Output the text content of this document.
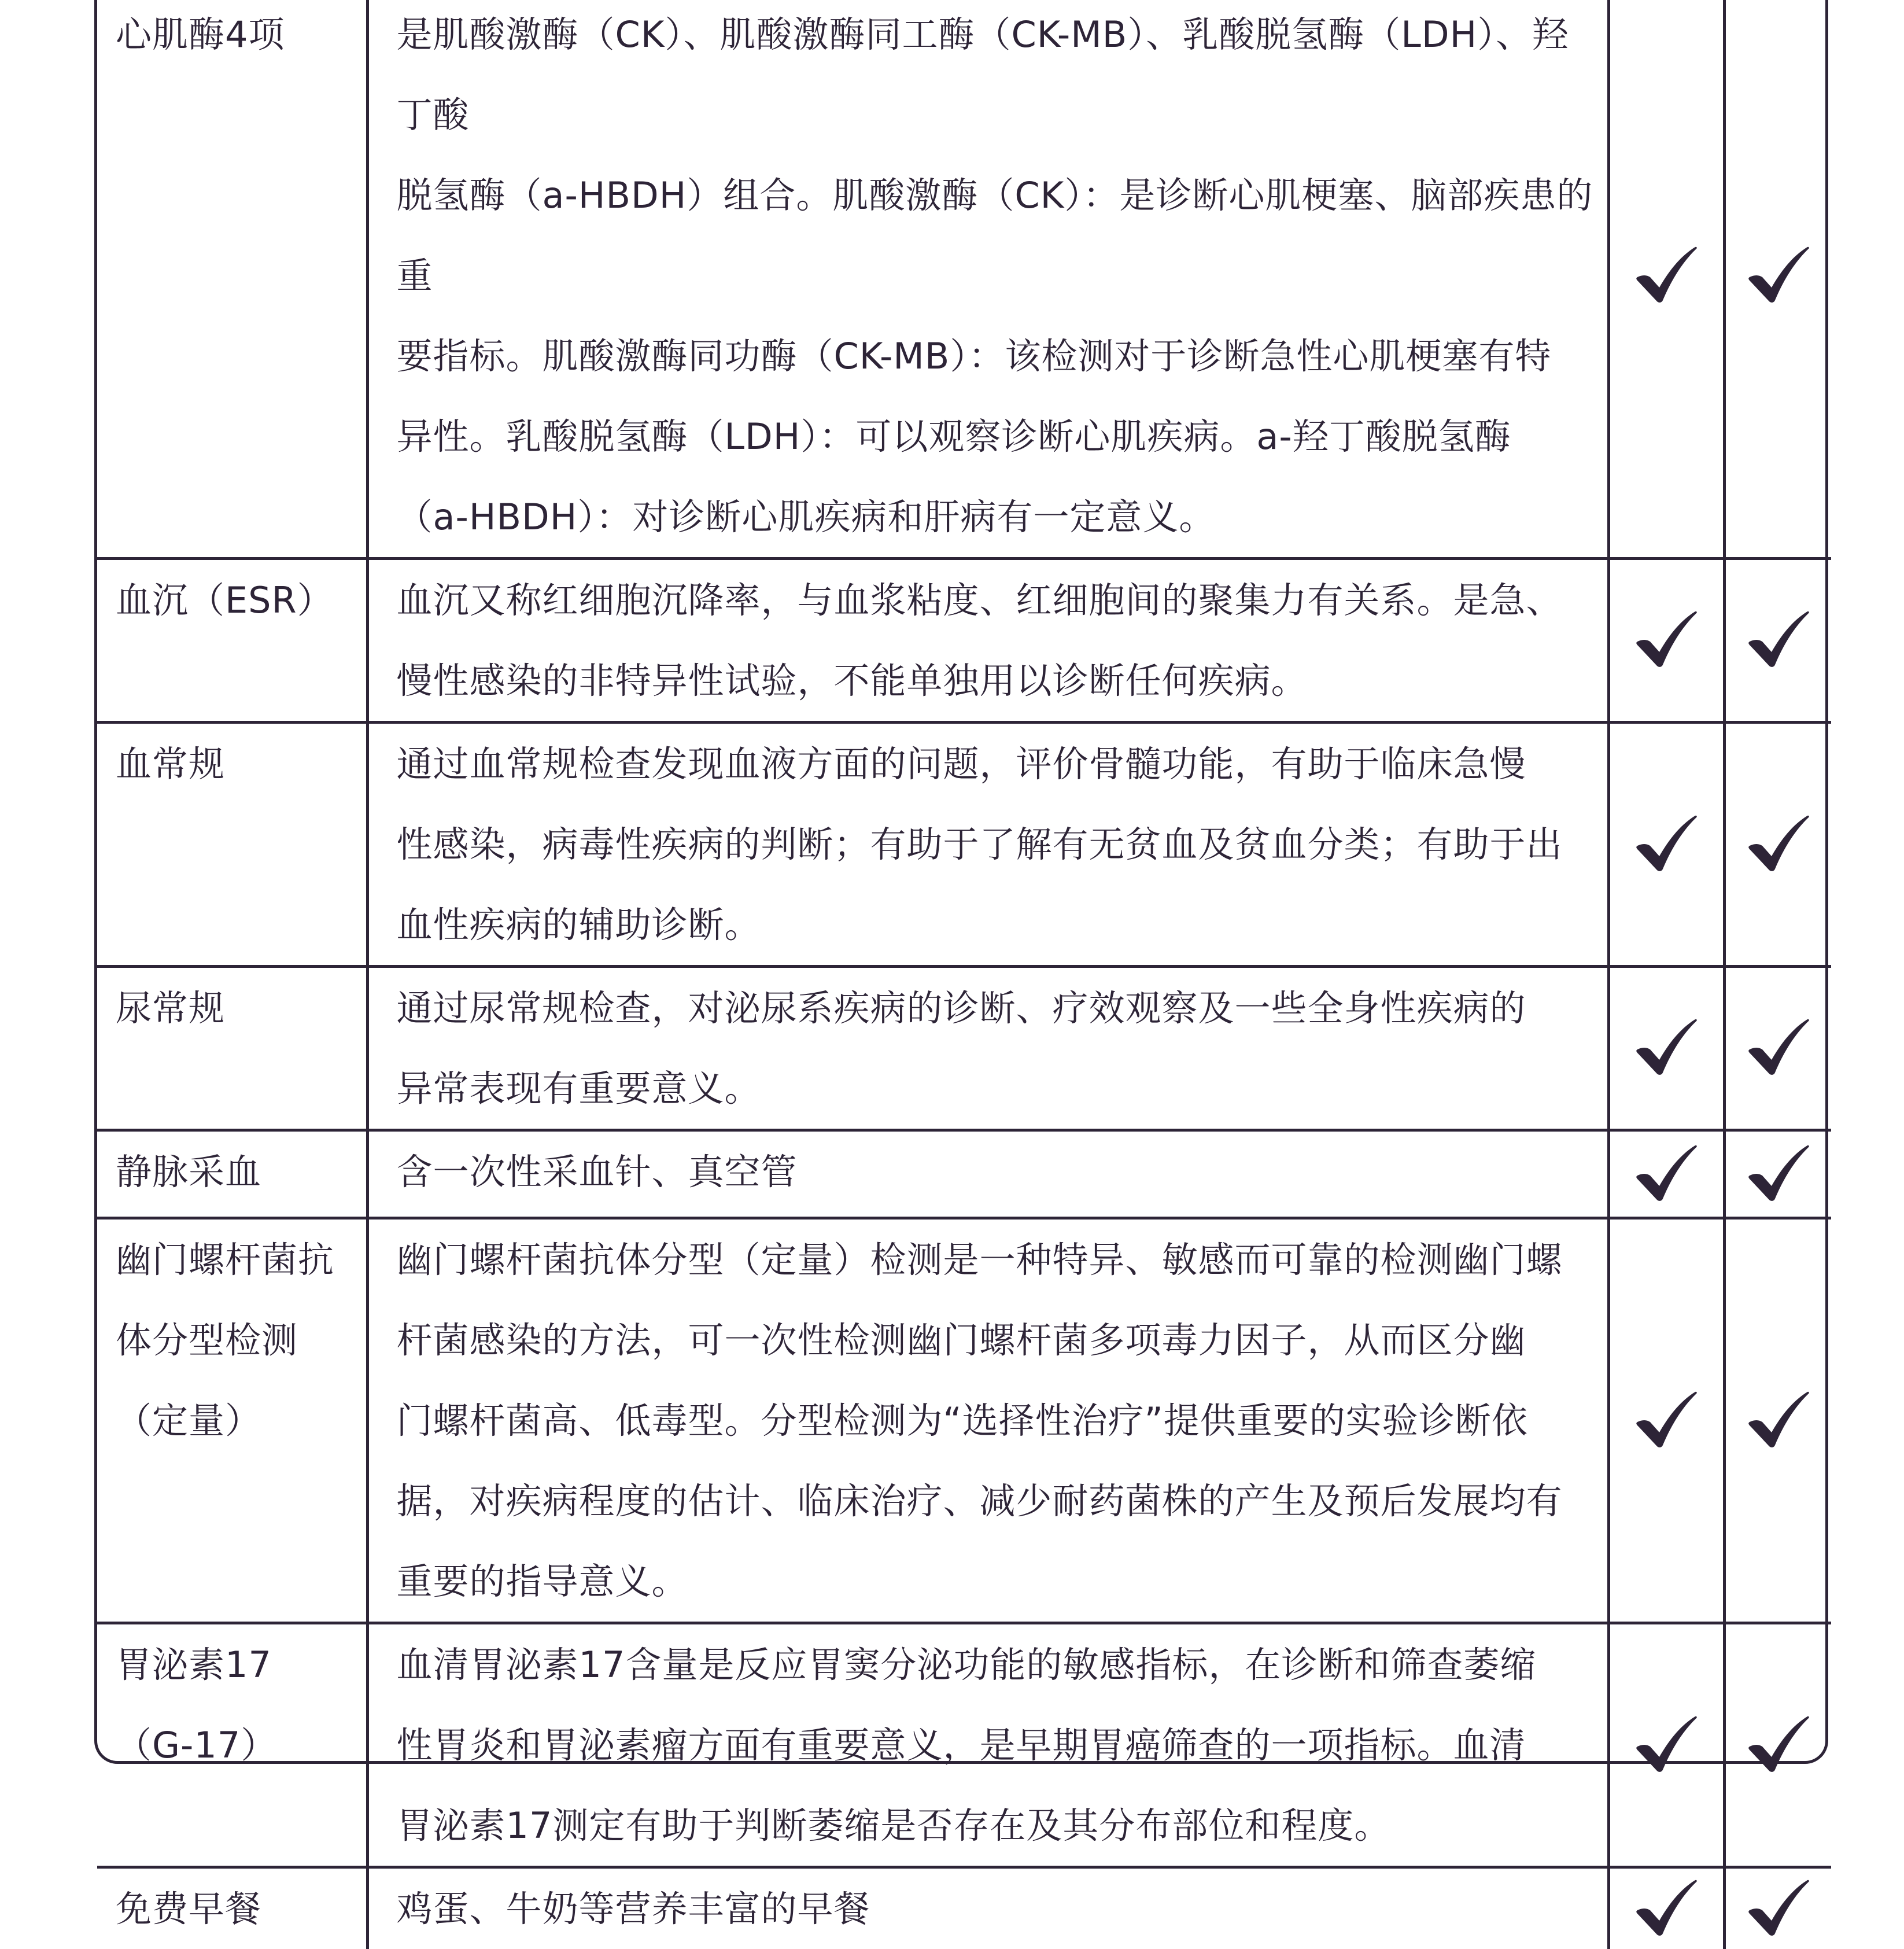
心肌酶4项	是肌酸激酶（CK）、肌酸激酶同工酶（CK-MB）、乳酸脱氢酶（LDH）、羟丁酸
脱氢酶（a-HBDH）组合。肌酸激酶（CK）：是诊断心肌梗塞、脑部疾患的重
要指标。肌酸激酶同功酶（CK-MB）：该检测对于诊断急性心肌梗塞有特
异性。乳酸脱氢酶（LDH）：可以观察诊断心肌疾病。a-羟丁酸脱氢酶
（a-HBDH）：对诊断心肌疾病和肝病有一定意义。

血沉（ESR）	血沉又称红细胞沉降率，与血浆粘度、红细胞间的聚集力有关系。是急、
慢性感染的非特异性试验，不能单独用以诊断任何疾病。

血常规	通过血常规检查发现血液方面的问题，评价骨髓功能，有助于临床急慢
性感染，病毒性疾病的判断；有助于了解有无贫血及贫血分类；有助于出
血性疾病的辅助诊断。

尿常规	通过尿常规检查，对泌尿系疾病的诊断、疗效观察及一些全身性疾病的
异常表现有重要意义。

静脉采血	含一次性采血针、真空管

幽门螺杆菌抗
体分型检测
（定量）	幽门螺杆菌抗体分型（定量）检测是一种特异、敏感而可靠的检测幽门螺
杆菌感染的方法，可一次性检测幽门螺杆菌多项毒力因子，从而区分幽
门螺杆菌高、低毒型。分型检测为“选择性治疗”提供重要的实验诊断依
据，对疾病程度的估计、临床治疗、减少耐药菌株的产生及预后发展均有
重要的指导意义。

胃泌素17
（G-17）	血清胃泌素17含量是反应胃窦分泌功能的敏感指标，在诊断和筛查萎缩
性胃炎和胃泌素瘤方面有重要意义，是早期胃癌筛查的一项指标。血清
胃泌素17测定有助于判断萎缩是否存在及其分布部位和程度。

免费早餐	鸡蛋、牛奶等营养丰富的早餐
